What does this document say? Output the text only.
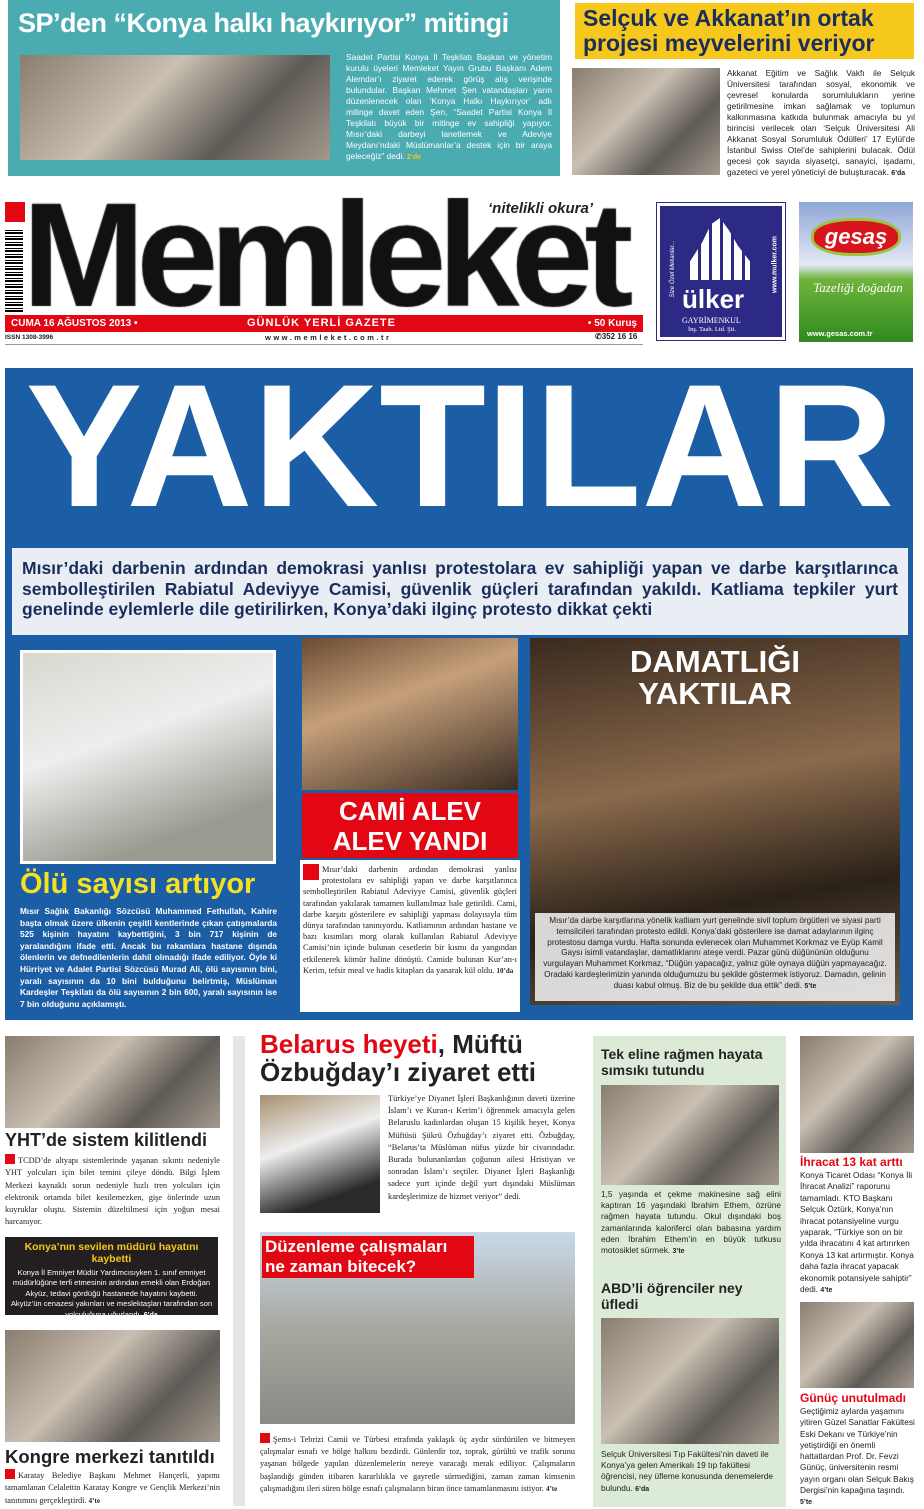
SP’den “Konya halkı haykırıyor” mitingi
Saadet Partisi Konya İl Teşkilatı Başkan ve yönetim kurulu üyeleri Memleket Yayın Grubu Başkanı Adem Alemdar’ı ziyaret ederek görüş alış verişinde bulundular. Başkan Mehmet Şen vatandaşları yarın düzenlenecek olan ‘Konya Halkı Haykırıyor’ adlı mitinge davet eden Şen, “Saadet Partisi Konya İl Teşkilatı büyük bir mitinge ev sahipliği yapıyor. Mısır’daki darbeyi lanetlemek ve Adeviye Meydanı’ndaki Müslümanlar’a destek için bir araya geleceğiz” dedi. 2’de
Selçuk ve Akkanat’ın ortak projesi meyvelerini veriyor
Akkanat Eğitim ve Sağlık Vakfı ile Selçuk Üniversitesi tarafından sosyal, ekonomik ve çevresel konularda sorumlulukların yerine getirilmesine imkan sağlamak ve toplumun kalkınmasına katkıda bulunmak amacıyla bu yıl birincisi verilecek olan ‘Selçuk Üniversitesi Ali Akkanat Sosyal Sorumluluk Ödülleri’ 17 Eylül’de İstanbul Swiss Otel’de sahiplerini bulacak. Ödül gecesi çok sayıda siyasetçi, sanayici, işadamı, gazeteci ve yerel yöneticiyi de buluşturacak. 6’da
‘nitelikli okura’
CUMA 16 AĞUSTOS 2013 •	GÜNLÜK YERLİ GAZETE	• 50 Kuruş
ISSN 1308-3996	www.memleket.com.tr	✆352 16 16
Size Özel Mekanlar...
ülker
GAYRİMENKUL
İnş. Taah. Ltd. Şti.
www.mulker.com	gesaş
Tazeliği doğadan
www.gesas.com.tr
YAKTILAR
Mısır’daki darbenin ardından demokrasi yanlısı protestolara ev sahipliği yapan ve darbe karşıtlarınca sembolleştirilen Rabiatul Adeviyye Camisi, güvenlik güçleri tarafından yakıldı. Katliama tepkiler yurt genelinde eylemlerle dile getirilirken, Konya’daki ilginç protesto dikkat çekti
Ölü sayısı artıyor
Mısır Sağlık Bakanlığı Sözcüsü Muhammed Fethullah, Kahire başta olmak üzere ülkenin çeşitli kentlerinde çıkan çatışmalarda 525 kişinin hayatını kaybettiğini, 3 bin 717 kişinin de yaralandığını ifade etti. Ancak bu rakamlara hastane dışında ölenlerin ve defnedilenlerin dahil olmadığı ifade ediliyor. Öyle ki Hürriyet ve Adalet Partisi Sözcüsü Murad Ali, ölü sayısının bini, yaralı sayısının da 10 bini bulduğunu belirtmiş, Müslüman Kardeşler Teşkilatı da ölü sayısının 2 bin 600, yaralı sayısının ise 7 bin olduğunu açıklamıştı.
CAMİ ALEV ALEV YANDI
Mısır’daki darbenin ardından demokrasi yanlısı protestolara ev sahipliği yapan ve darbe karşıtlarınca sembolleştirilen Rabiatul Adeviyye Camisi, güvenlik güçleri tarafından yakılarak tamamen kullanılmaz hale getirildi. Cami, darbe karşıtı gösterilere ev sahipliği yapması dolayısıyla tüm dünya tarafından tanınıyordu. Katliamının ardından hastane ve bazı kısımları morg olarak kullanılan Rabiatul Adeviyye Camisi’nin içinde bulunan cesetlerin bir kısmı da yangından etkilenerek kömür haline dönüştü. Camide bulunan Kur’an-ı Kerim, tefsir meal ve hadis kitapları da yanarak kül oldu. 10’da
DAMATLIĞI YAKTILAR
Mısır’da darbe karşıtlarına yönelik katliam yurt genelinde sivil toplum örgütleri ve siyasi parti temsilcileri tarafından protesto edildi. Konya’daki gösterilere ise damat adaylarının ilginç protestosu damga vurdu. Hafta sonunda evlenecek olan Muhammet Korkmaz ve Eyüp Kamil Gaysı isimli vatandaşlar, damatlıklarını ateşe verdi. Pazar günü düğününün olduğunu vurgulayan Muhammet Korkmaz, “Düğün yapacağız, yalnız güle oynaya düğün yapmayacağız. Oradaki kardeşlerimizin yanında olduğumuzu bu şekilde göstermek istiyoruz. Damadın, gelinin duası kabul olmuş. Biz de bu şekilde dua ettik” dedi. 5’te
YHT’de sistem kilitlendi
TCDD’de altyapı sistemlerinde yaşanan sıkıntı nedeniyle YHT yolcuları için bilet temini çileye döndü. Bilgi İşlem Merkezi kaynaklı sorun nedeniyle hızlı tren yolcuları için elektronik ortamda bilet kesilemezken, gişe önlerinde uzun kuyruklar oluştu. Sistemin düzeltilmesi için yoğun mesai harcanıyor.
Konya’nın sevilen müdürü hayatını kaybetti
Konya İl Emniyet Müdür Yardımcısıyken 1. sınıf emniyet müdürlüğüne terfi etmesinin ardından emekli olan Erdoğan Akyüz, tedavi gördüğü hastanede hayatını kaybetti. Akyüz’ün cenazesi yakınları ve meslektaşları tarafından son yolculuğuna uğurlandı. 6’da
Kongre merkezi tanıtıldı
Karatay Belediye Başkanı Mehmet Hançerli, yapımı tamamlanan Celalettin Karatay Kongre ve Gençlik Merkezi’nin tanıtımını gerçekleştirdi. 4’te
Belarus heyeti, Müftü Özbuğday’ı ziyaret etti
Türkiye’ye Diyanet İşleri Başkanlığının daveti üzerine İslam’ı ve Kuran-ı Kerim’i öğrenmek amacıyla gelen Belaruslu kadınlardan oluşan 15 kişilik heyet, Konya Müftüsü Şükrü Özbuğday’ı ziyaret etti. Özbuğday, “Belarus’ta Müslüman nüfus yüzde bir civarındadır. Burada bulunanlardan çoğunun ailesi Hristiyan ve sonradan İslam’ı seçtiler. Diyanet İşleri Başkanlığı sadece yurt içinde değil yurt dışındaki Müslüman kardeşlerimize de hizmet veriyor” dedi.
Düzenleme çalışmaları ne zaman bitecek?
Şems-i Tebrizi Camii ve Türbesi etrafında yaklaşık üç aydır sürdürülen ve bitmeyen çalışmalar esnafı ve bölge halkını bezdirdi. Günlerdir toz, toprak, gürültü ve trafik sorunu yaşanan bölgede yapılan düzenlemelerin nereye varacağı merak ediliyor. Çalışmaların başlandığı günden itibaren kararlılıkla ve gayretle sürmediğini, zaman zaman kimsenin çalışmadığını ileri süren bölge esnafı çalışmaların biran önce tamamlanmasını istiyor. 4’te
Tek eline rağmen hayata sımsıkı tutundu
1,5 yaşında et çekme makinesine sağ elini kaptıran 16 yaşındaki İbrahim Ethem, özrüne rağmen hayata tutundu. Okul dışındaki boş zamanlarında kaloriferci olan babasına yardım eden İbrahim Ethem’in en büyük tutkusu motosiklet sürmek. 3’te
ABD’li öğrenciler ney üfledi
Selçuk Üniversitesi Tıp Fakültesi’nin daveti ile Konya’ya gelen Amerikalı 19 tıp fakültesi öğrencisi, ney üfleme konusunda denemelerde bulundu. 6’da
İhracat 13 kat arttı
Konya Ticaret Odası “Konya İli İhracat Analizi” raporunu tamamladı. KTO Başkanı Selçuk Öztürk, Konya’nın ihracat potansiyeline vurgu yaparak, “Türkiye son on bir yılda ihracatını 4 kat artırırken Konya 13 kat artırmıştır. Konya daha fazla ihracat yapacak ekonomik potansiyele sahiptir” dedi. 4’te
Günüç unutulmadı
Geçtiğimiz aylarda yaşamını yitiren Güzel Sanatlar Fakültesi Eski Dekanı ve Türkiye’nin yetiştirdiği en önemli hattatlardan Prof. Dr. Fevzi Günüç, üniversitenin resmi yayın organı olan Selçuk Bakış Dergisi’nin kapağına taşındı. 5’te
